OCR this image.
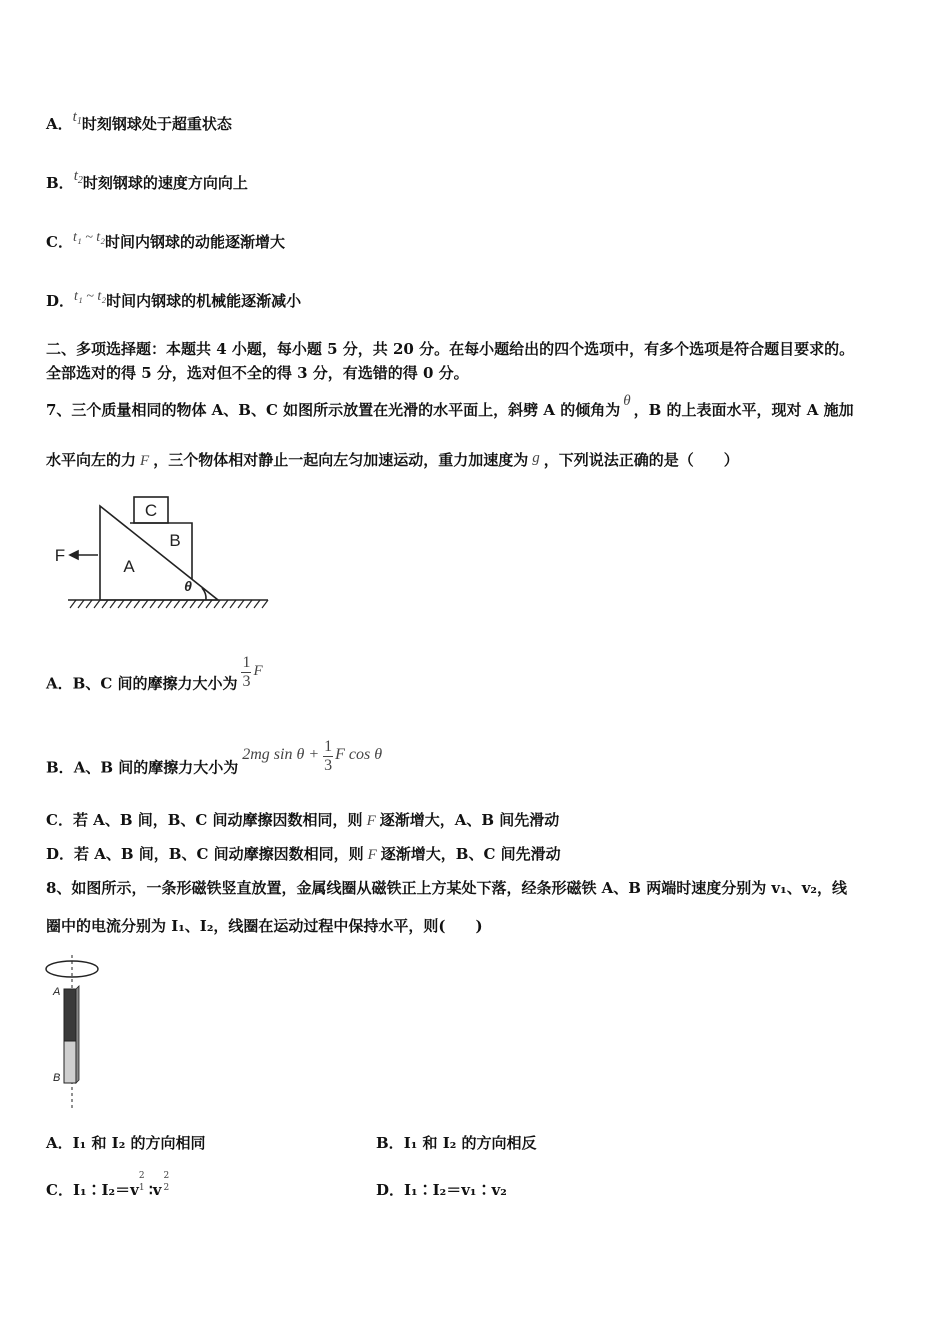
A．$t_1$时刻钢球处于超重状态
B．$t_2$时刻钢球的速度方向向上
C．t₁ ~ t₂时间内钢球的动能逐渐增大
D．t₁ ~ t₂时间内钢球的机械能逐渐减小
二、多项选择题：本题共 4 小题，每小题 5 分，共 20 分。在每小题给出的四个选项中，有多个选项是符合题目要求的。
全部选对的得 5 分，选对但不全的得 3 分，有选错的得 0 分。
7、三个质量相同的物体 A、B、C 如图所示放置在光滑的水平面上，斜劈 A 的倾角为 θ ，B 的上表面水平，现对 A 施加
水平向左的力 F ，三个物体相对静止一起向左匀加速运动，重力加速度为 g ，下列说法正确的是（　　）
C
B
A
F
θ
A．B、C 间的摩擦力大小为 $\frac{1}{3}$ F
B．A、B 间的摩擦力大小为2mg $\sin \theta + \frac{1}{3}$ F cos θ
C．若 A、B 间，B、C 间动摩擦因数相同，则 F 逐渐增大，A、B 间先滑动
D．若 A、B 间，B、C 间动摩擦因数相同，则 F 逐渐增大，B、C 间先滑动
8、如图所示，一条形磁铁竖直放置，金属线圈从磁铁正上方某处下落，经条形磁铁 A、B 两端时速度分别为 v₁、v₂，线
圈中的电流分别为 I₁、I₂，线圈在运动过程中保持水平，则(　　)
A
B
A．I₁ 和 I₂ 的方向相同	B．I₁ 和 I₂ 的方向相反
C．I₁∶I₂＝v
2
1 ∶v
2
2	D．I₁∶I₂＝v₁∶v₂
